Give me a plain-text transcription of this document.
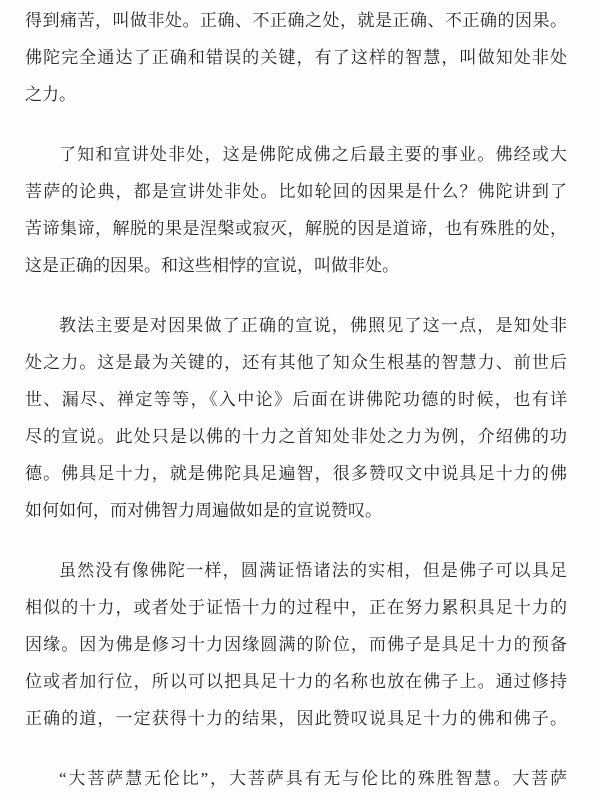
得到痛苦，叫做非处。正确、不正确之处，就是正确、不正确的因果。
佛陀完全通达了正确和错误的关键，有了这样的智慧，叫做知处非处
之力。
了知和宣讲处非处，这是佛陀成佛之后最主要的事业。佛经或大
菩萨的论典，都是宣讲处非处。比如轮回的因果是什么？佛陀讲到了
苦谛集谛，解脱的果是涅槃或寂灭，解脱的因是道谛，也有殊胜的处，
这是正确的因果。和这些相悖的宣说，叫做非处。
教法主要是对因果做了正确的宣说，佛照见了这一点，是知处非
处之力。这是最为关键的，还有其他了知众生根基的智慧力、前世后
世、漏尽、禅定等等，《入中论》后面在讲佛陀功德的时候，也有详
尽的宣说。此处只是以佛的十力之首知处非处之力为例，介绍佛的功
德。佛具足十力，就是佛陀具足遍智，很多赞叹文中说具足十力的佛
如何如何，而对佛智力周遍做如是的宣说赞叹。
虽然没有像佛陀一样，圆满证悟诸法的实相，但是佛子可以具足
相似的十力，或者处于证悟十力的过程中，正在努力累积具足十力的
因缘。因为佛是修习十力因缘圆满的阶位，而佛子是具足十力的预备
位或者加行位，所以可以把具足十力的名称也放在佛子上。通过修持
正确的道，一定获得十力的结果，因此赞叹说具足十力的佛和佛子。
“大菩萨慧无伦比”，大菩萨具有无与伦比的殊胜智慧。大菩萨
